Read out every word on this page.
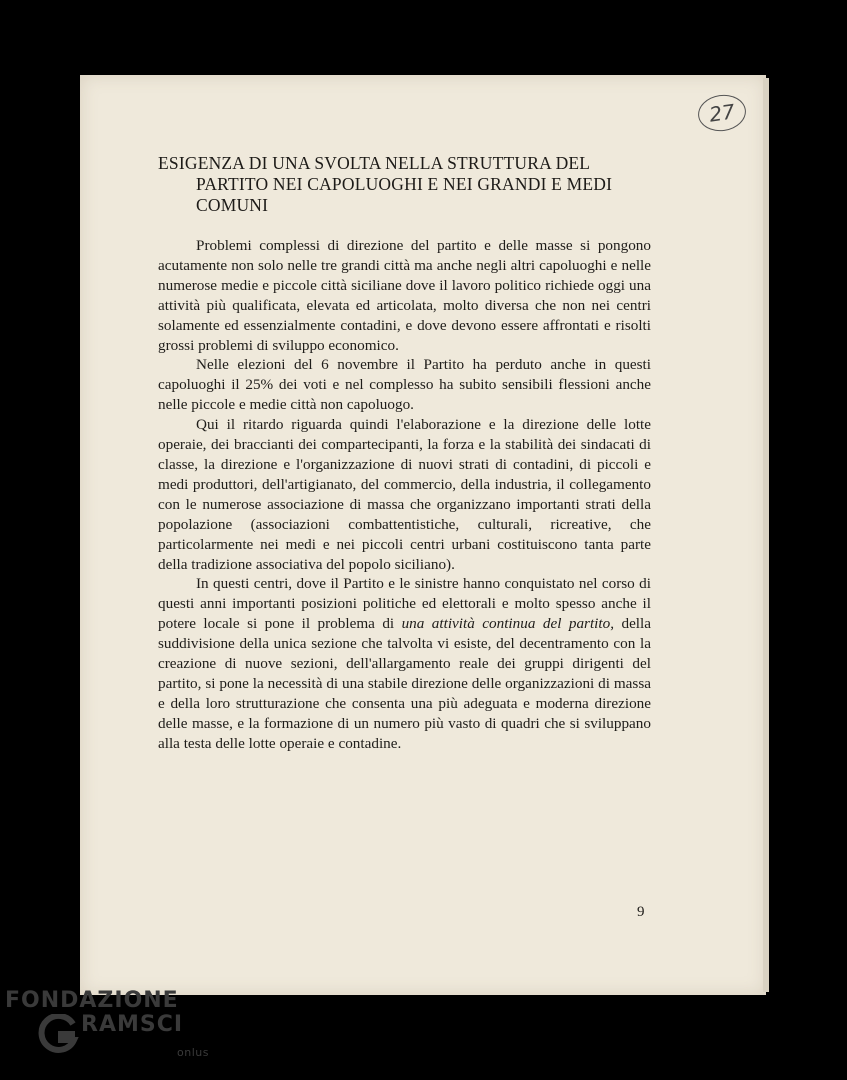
27
ESIGENZA DI UNA SVOLTA NELLA STRUTTURA DEL
PARTITO NEI CAPOLUOGHI E NEI GRANDI E MEDI
COMUNI

Problemi complessi di direzione del partito e delle masse si pongono acutamente non solo nelle tre grandi città ma anche negli altri capoluoghi e nelle numerose medie e piccole città siciliane dove il lavoro politico richiede oggi una attività più qualificata, elevata ed articolata, molto diversa che non nei centri solamente ed essenzialmente contadini, e dove devono essere affrontati e risolti grossi problemi di sviluppo economico.

Nelle elezioni del 6 novembre il Partito ha perduto anche in questi capoluoghi il 25% dei voti e nel complesso ha subito sensibili flessioni anche nelle piccole e medie città non capoluogo.

Qui il ritardo riguarda quindi l'elaborazione e la direzione delle lotte operaie, dei braccianti dei compartecipanti, la forza e la stabilità dei sindacati di classe, la direzione e l'organizzazione di nuovi strati di contadini, di piccoli e medi produttori, dell'artigianato, del commercio, della industria, il collegamento con le numerose associazione di massa che organizzano importanti strati della popolazione (associazioni combattentistiche, culturali, ricreative, che particolarmente nei medi e nei piccoli centri urbani costituiscono tanta parte della tradizione associativa del popolo siciliano).

In questi centri, dove il Partito e le sinistre hanno conquistato nel corso di questi anni importanti posizioni politiche ed elettorali e molto spesso anche il potere locale si pone il problema di una attività continua del partito, della suddivisione della unica sezione che talvolta vi esiste, del decentramento con la creazione di nuove sezioni, dell'allargamento reale dei gruppi dirigenti del partito, si pone la necessità di una stabile direzione delle organizzazioni di massa e della loro strutturazione che consenta una più adeguata e moderna direzione delle masse, e la formazione di un numero più vasto di quadri che si sviluppano alla testa delle lotte operaie e contadine.

9
FONDAZIONE
RAMSCI
onlus
